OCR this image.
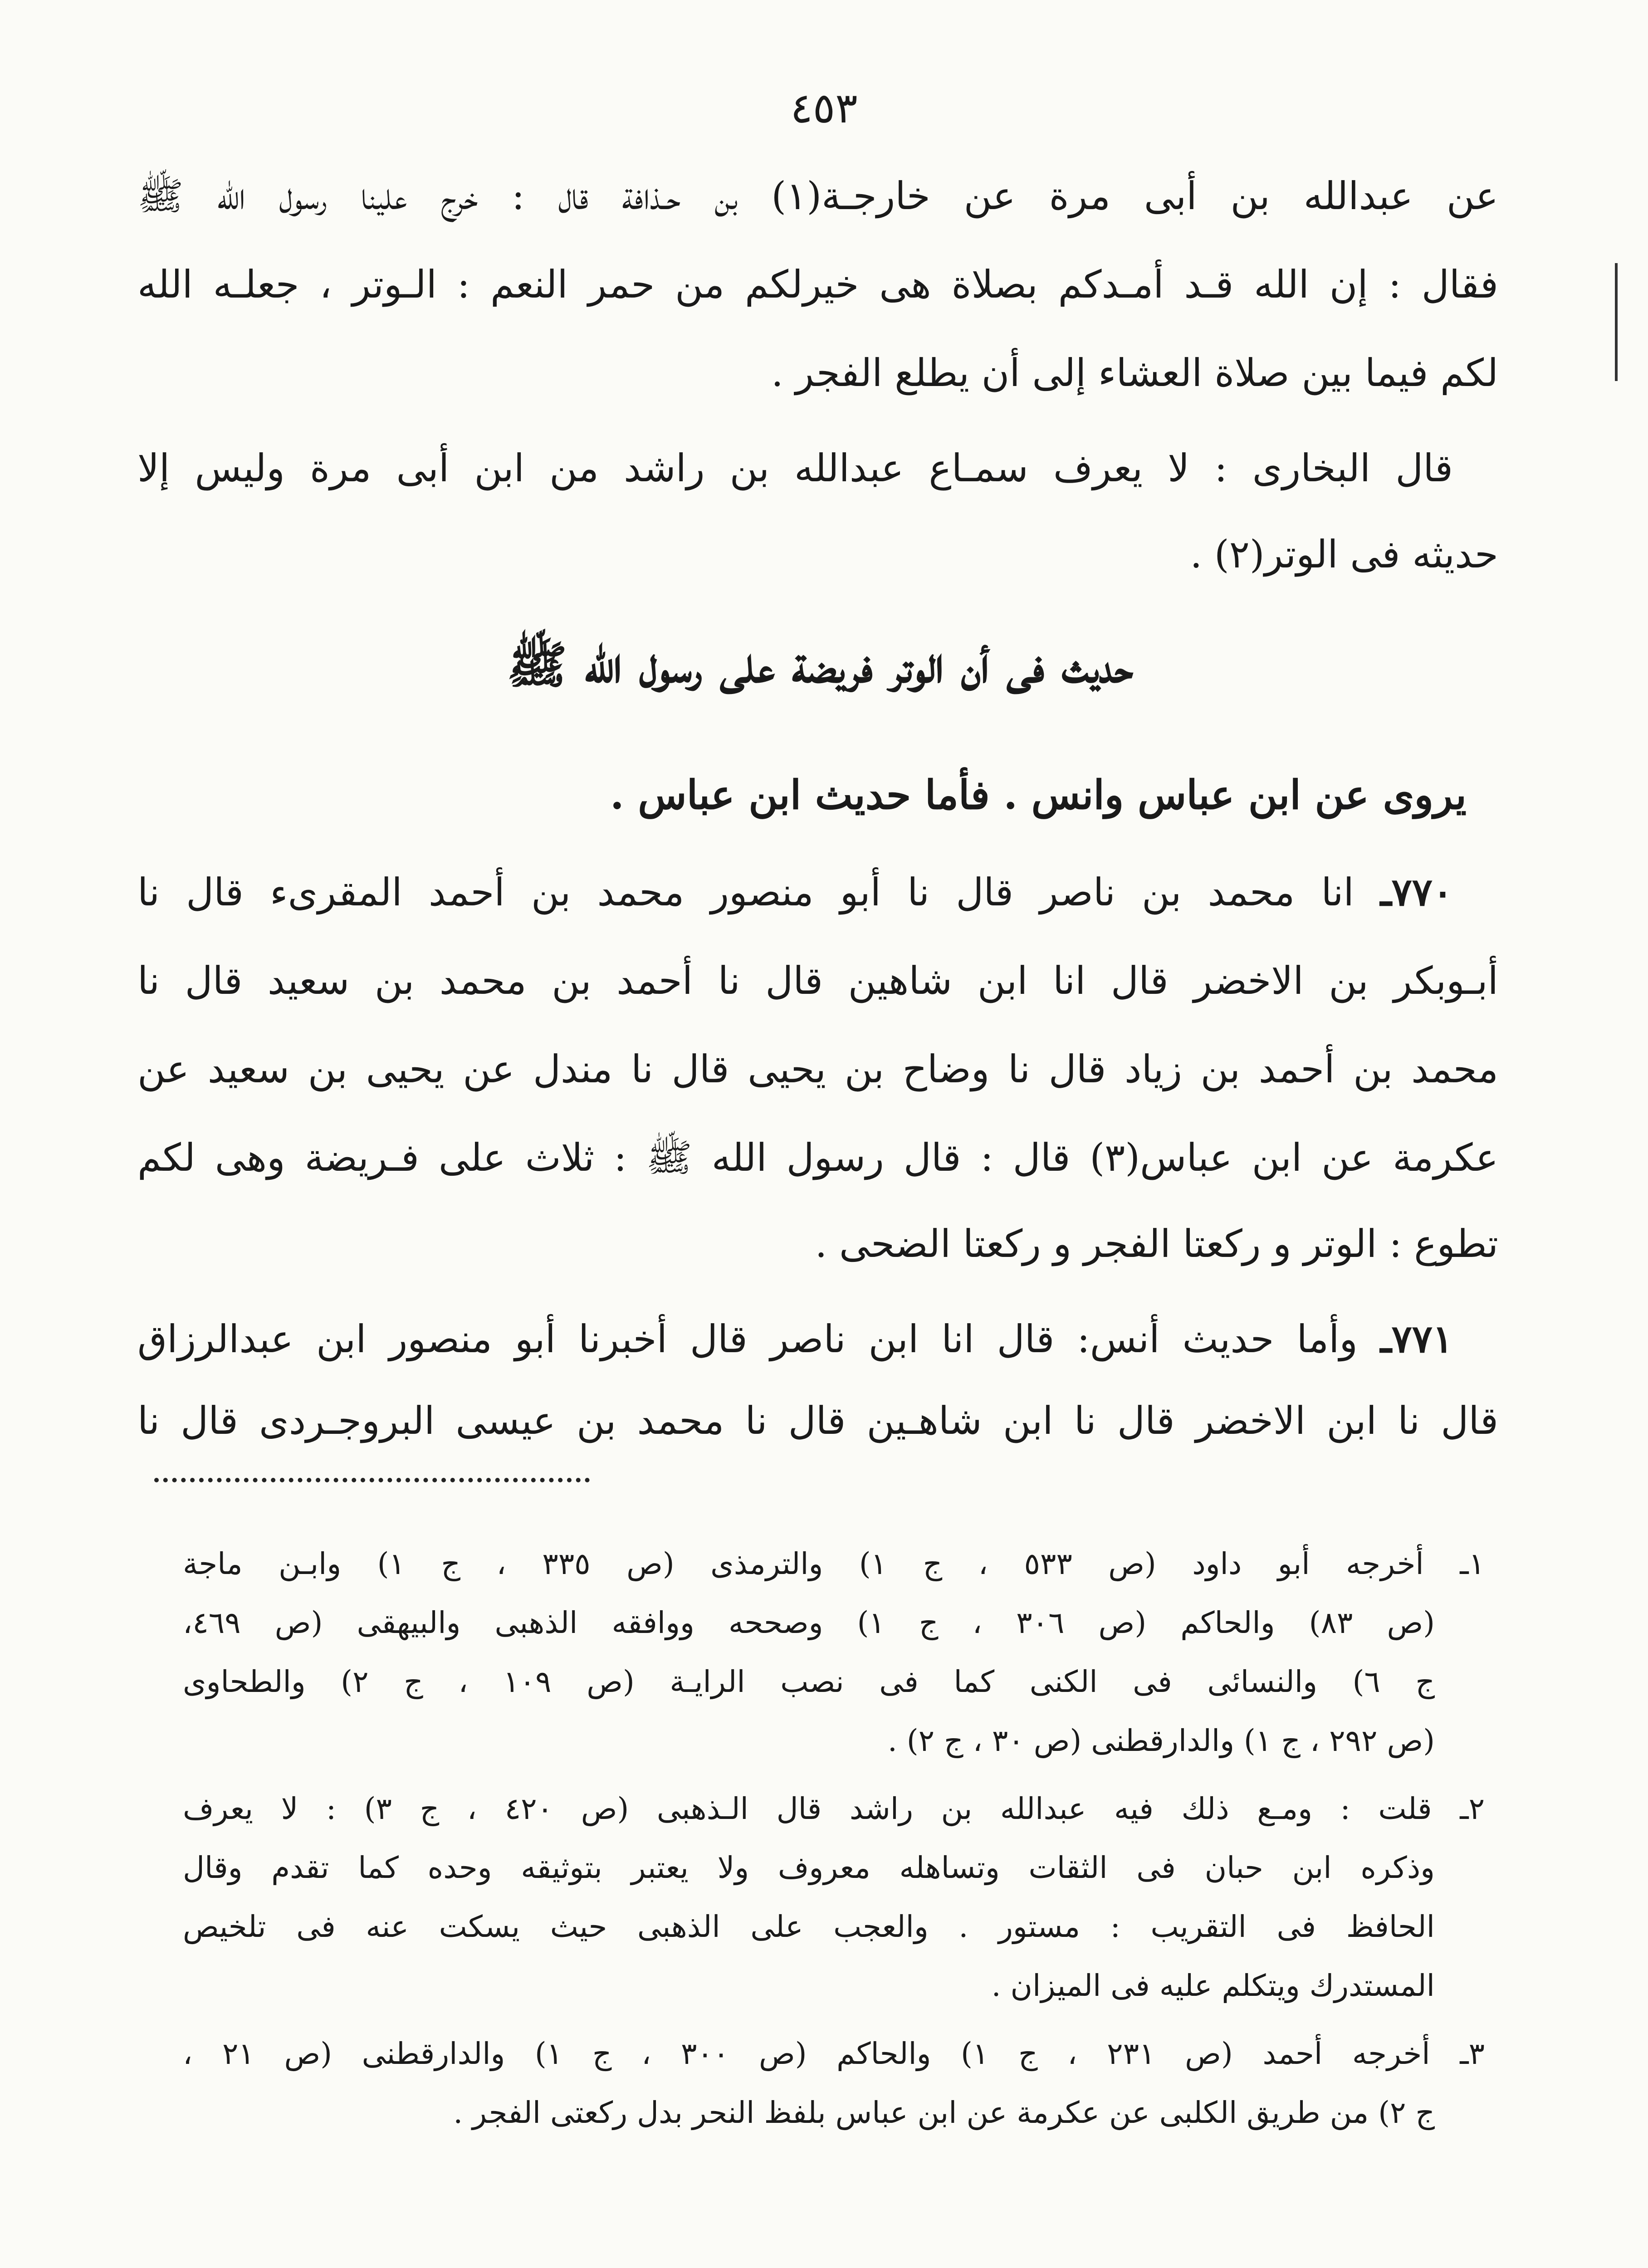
٤٥٣
عن عبدالله بن أبى مرة عن خارجـة(١) بن حـذافة قال : خرج علينا رسول الله ﷺ
فقال : إن الله قـد أمـدكم بصلاة هى خيرلكم من حمر النعم : الـوتر ، جعلـه الله
لكم فيما بين صلاة العشاء إلى أن يطلع الفجر .
قال البخارى : لا يعرف سمـاع عبدالله بن راشد من ابن أبى مرة وليس إلا
حديثه فى الوتر(٢) .
حديث فى أن الوتر فريضة على رسول الله ﷺ
يروى عن ابن عباس وانس . فأما حديث ابن عباس .
٧٧٠ـ انا محمد بن ناصر قال نا أبو منصور محمد بن أحمد المقرىء قال نا
أبـوبكر بن الاخضر قال انا ابن شاهين قال نا أحمد بن محمد بن سعيد قال نا
محمد بن أحمد بن زياد قال نا وضاح بن يحيى قال نا مندل عن يحيى بن سعيد عن
عكرمة عن ابن عباس(٣) قال : قال رسول الله ﷺ : ثلاث على فـريضة وهى لكم
تطوع : الوتر و ركعتا الفجر و ركعتا الضحى .
٧٧١ـ وأما حديث أنس: قال انا ابن ناصر قال أخبرنا أبو منصور ابن عبدالرزاق
قال نا ابن الاخضر قال نا ابن شاهـين قال نا محمد بن عيسى البروجـردى قال نا
١ـ أخرجه أبو داود (ص ٥٣٣ ، ج ١) والترمذى (ص ٣٣٥ ، ج ١) وابـن ماجة
(ص ٨٣) والحاكم (ص ٣٠٦ ، ج ١) وصححه ووافقه الذهبى والبيهقى (ص ٤٦٩،
ج ٦) والنسائى فى الكنى كما فى نصب الرايـة (ص ١٠٩ ، ج ٢) والطحاوى
(ص ٢٩٢ ، ج ١) والدارقطنى (ص ٣٠ ، ج ٢) .
٢ـ قلت : ومـع ذلك فيه عبدالله بن راشد قال الـذهبى (ص ٤٢٠ ، ج ٣) : لا يعرف
وذكره ابن حبان فى الثقات وتساهله معروف ولا يعتبر بتوثيقه وحده كما تقدم وقال
الحافظ فى التقريب : مستور . والعجب على الذهبى حيث يسكت عنه فى تلخيص
المستدرك ويتكلم عليه فى الميزان .
٣ـ أخرجه أحمد (ص ٢٣١ ، ج ١) والحاكم (ص ٣٠٠ ، ج ١) والدارقطنى (ص ٢١ ،
ج ٢) من طريق الكلبى عن عكرمة عن ابن عباس بلفظ النحر بدل ركعتى الفجر .
